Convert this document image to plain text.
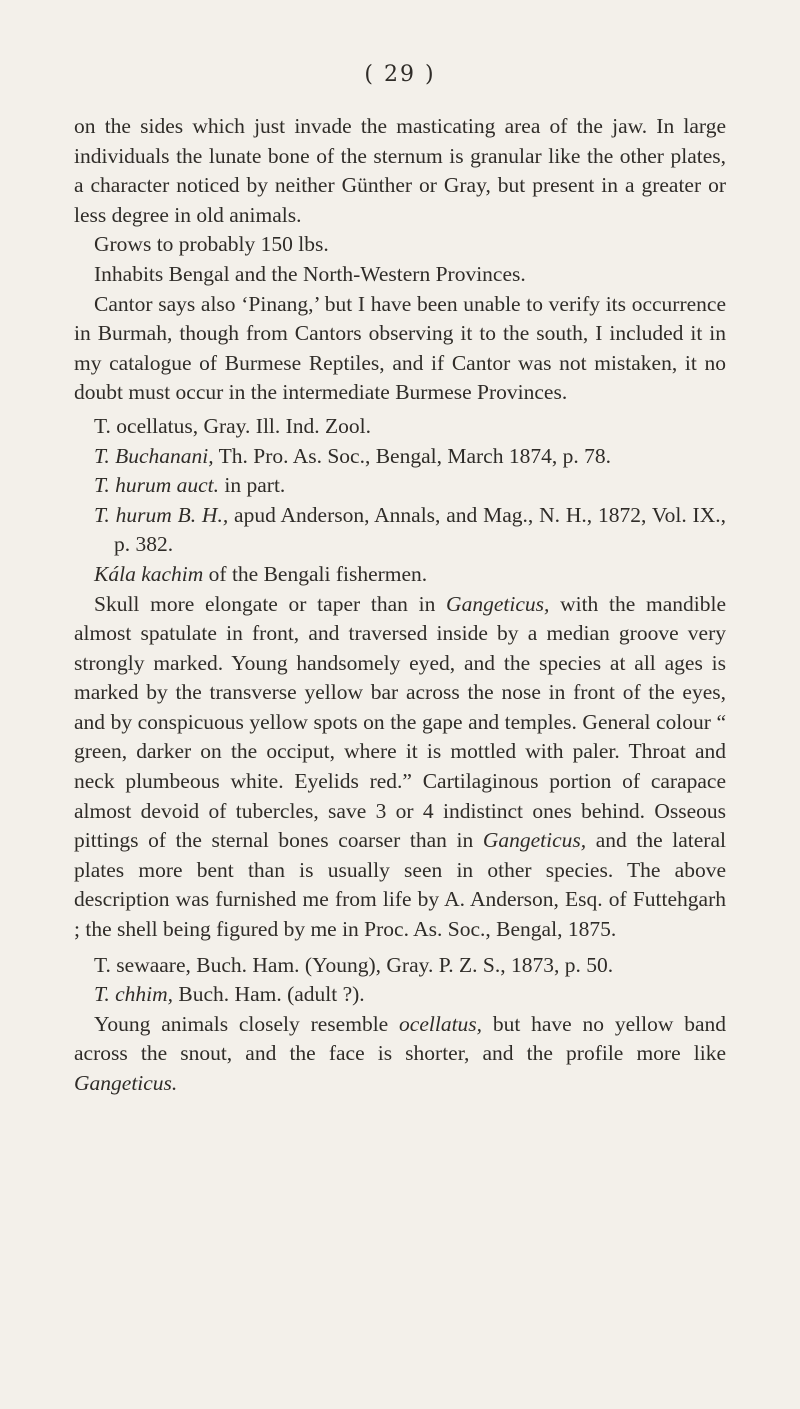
( 29 )

on the sides which just invade the masticating area of the jaw. In large individuals the lunate bone of the sternum is granular like the other plates, a character noticed by neither Günther or Gray, but present in a greater or less degree in old animals.

Grows to probably 150 lbs.

Inhabits Bengal and the North-Western Provinces.

Cantor says also ‘Pinang,’ but I have been unable to verify its occurrence in Burmah, though from Cantors observing it to the south, I included it in my catalogue of Burmese Reptiles, and if Cantor was not mistaken, it no doubt must occur in the intermediate Burmese Provinces.

T. ocellatus, Gray. Ill. Ind. Zool.

T. Buchanani, Th. Pro. As. Soc., Bengal, March 1874, p. 78.

T. hurum auct. in part.

T. hurum B. H., apud Anderson, Annals, and Mag., N. H., 1872, Vol. IX., p. 382.

Kála kachim of the Bengali fishermen.

Skull more elongate or taper than in Gangeticus, with the mandible almost spatulate in front, and traversed inside by a median groove very strongly marked. Young handsomely eyed, and the species at all ages is marked by the transverse yellow bar across the nose in front of the eyes, and by conspicuous yellow spots on the gape and temples. General colour “ green, darker on the occiput, where it is mottled with paler. Throat and neck plumbeous white. Eyelids red.” Cartilaginous portion of carapace almost devoid of tubercles, save 3 or 4 indistinct ones behind. Osseous pittings of the sternal bones coarser than in Gangeticus, and the lateral plates more bent than is usually seen in other species. The above description was furnished me from life by A. Anderson, Esq. of Futtehgarh ; the shell being figured by me in Proc. As. Soc., Bengal, 1875.

T. sewaare, Buch. Ham. (Young), Gray. P. Z. S., 1873, p. 50.

T. chhim, Buch. Ham. (adult ?).

Young animals closely resemble ocellatus, but have no yellow band across the snout, and the face is shorter, and the profile more like Gangeticus.
